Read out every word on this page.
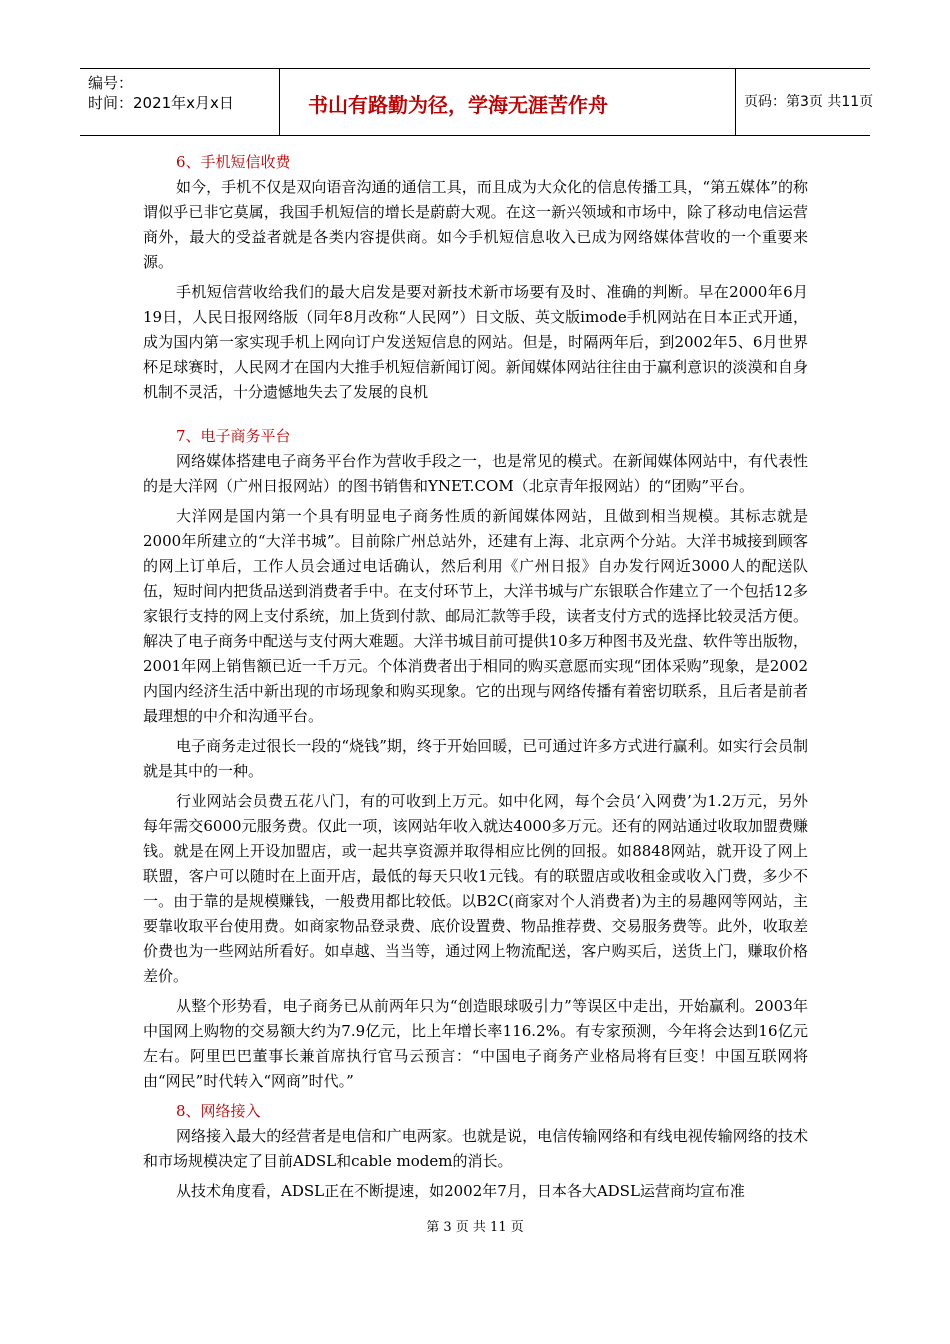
编号：
时间：2021年x月x日	书山有路勤为径，学海无涯苦作舟	页码：第3页 共11页
6、手机短信收费

如今，手机不仅是双向语音沟通的通信工具，而且成为大众化的信息传播工具，“第五媒体”的称谓似乎已非它莫属，我国手机短信的增长是蔚蔚大观。在这一新兴领域和市场中，除了移动电信运营商外，最大的受益者就是各类内容提供商。如今手机短信息收入已成为网络媒体营收的一个重要来源。

手机短信营收给我们的最大启发是要对新技术新市场要有及时、准确的判断。早在2000年6月19日，人民日报网络版（同年8月改称“人民网”）日文版、英文版imode手机网站在日本正式开通，成为国内第一家实现手机上网向订户发送短信息的网站。但是，时隔两年后，到2002年5、6月世界杯足球赛时，人民网才在国内大推手机短信新闻订阅。新闻媒体网站往往由于赢利意识的淡漠和自身机制不灵活，十分遗憾地失去了发展的良机

7、电子商务平台

网络媒体搭建电子商务平台作为营收手段之一，也是常见的模式。在新闻媒体网站中，有代表性的是大洋网（广州日报网站）的图书销售和YNET.COM（北京青年报网站）的“团购”平台。

大洋网是国内第一个具有明显电子商务性质的新闻媒体网站，且做到相当规模。其标志就是2000年所建立的“大洋书城”。目前除广州总站外，还建有上海、北京两个分站。大洋书城接到顾客的网上订单后，工作人员会通过电话确认，然后利用《广州日报》自办发行网近3000人的配送队伍，短时间内把货品送到消费者手中。在支付环节上，大洋书城与广东银联合作建立了一个包括12多家银行支持的网上支付系统，加上货到付款、邮局汇款等手段，读者支付方式的选择比较灵活方便。解决了电子商务中配送与支付两大难题。大洋书城目前可提供10多万种图书及光盘、软件等出版物，2001年网上销售额已近一千万元。个体消费者出于相同的购买意愿而实现“团体采购”现象，是2002内国内经济生活中新出现的市场现象和购买现象。它的出现与网络传播有着密切联系，且后者是前者最理想的中介和沟通平台。

电子商务走过很长一段的“烧钱”期，终于开始回暖，已可通过许多方式进行赢利。如实行会员制就是其中的一种。

行业网站会员费五花八门，有的可收到上万元。如中化网，每个会员‘入网费’为1.2万元，另外每年需交6000元服务费。仅此一项，该网站年收入就达4000多万元。还有的网站通过收取加盟费赚钱。就是在网上开设加盟店，或一起共享资源并取得相应比例的回报。如8848网站，就开设了网上联盟，客户可以随时在上面开店，最低的每天只收1元钱。有的联盟店或收租金或收入门费，多少不一。由于靠的是规模赚钱，一般费用都比较低。以B2C(商家对个人消费者)为主的易趣网等网站，主要靠收取平台使用费。如商家物品登录费、底价设置费、物品推荐费、交易服务费等。此外，收取差价费也为一些网站所看好。如卓越、当当等，通过网上物流配送，客户购买后，送货上门，赚取价格差价。

从整个形势看，电子商务已从前两年只为“创造眼球吸引力”等误区中走出，开始赢利。2003年中国网上购物的交易额大约为7.9亿元，比上年增长率116.2%。有专家预测，今年将会达到16亿元左右。阿里巴巴董事长兼首席执行官马云预言：“中国电子商务产业格局将有巨变！中国互联网将由“网民”时代转入“网商”时代。”

8、网络接入

网络接入最大的经营者是电信和广电两家。也就是说，电信传输网络和有线电视传输网络的技术和市场规模决定了目前ADSL和cable modem的消长。

从技术角度看，ADSL正在不断提速，如2002年7月，日本各大ADSL运营商均宣布准

第 3 页 共 11 页
